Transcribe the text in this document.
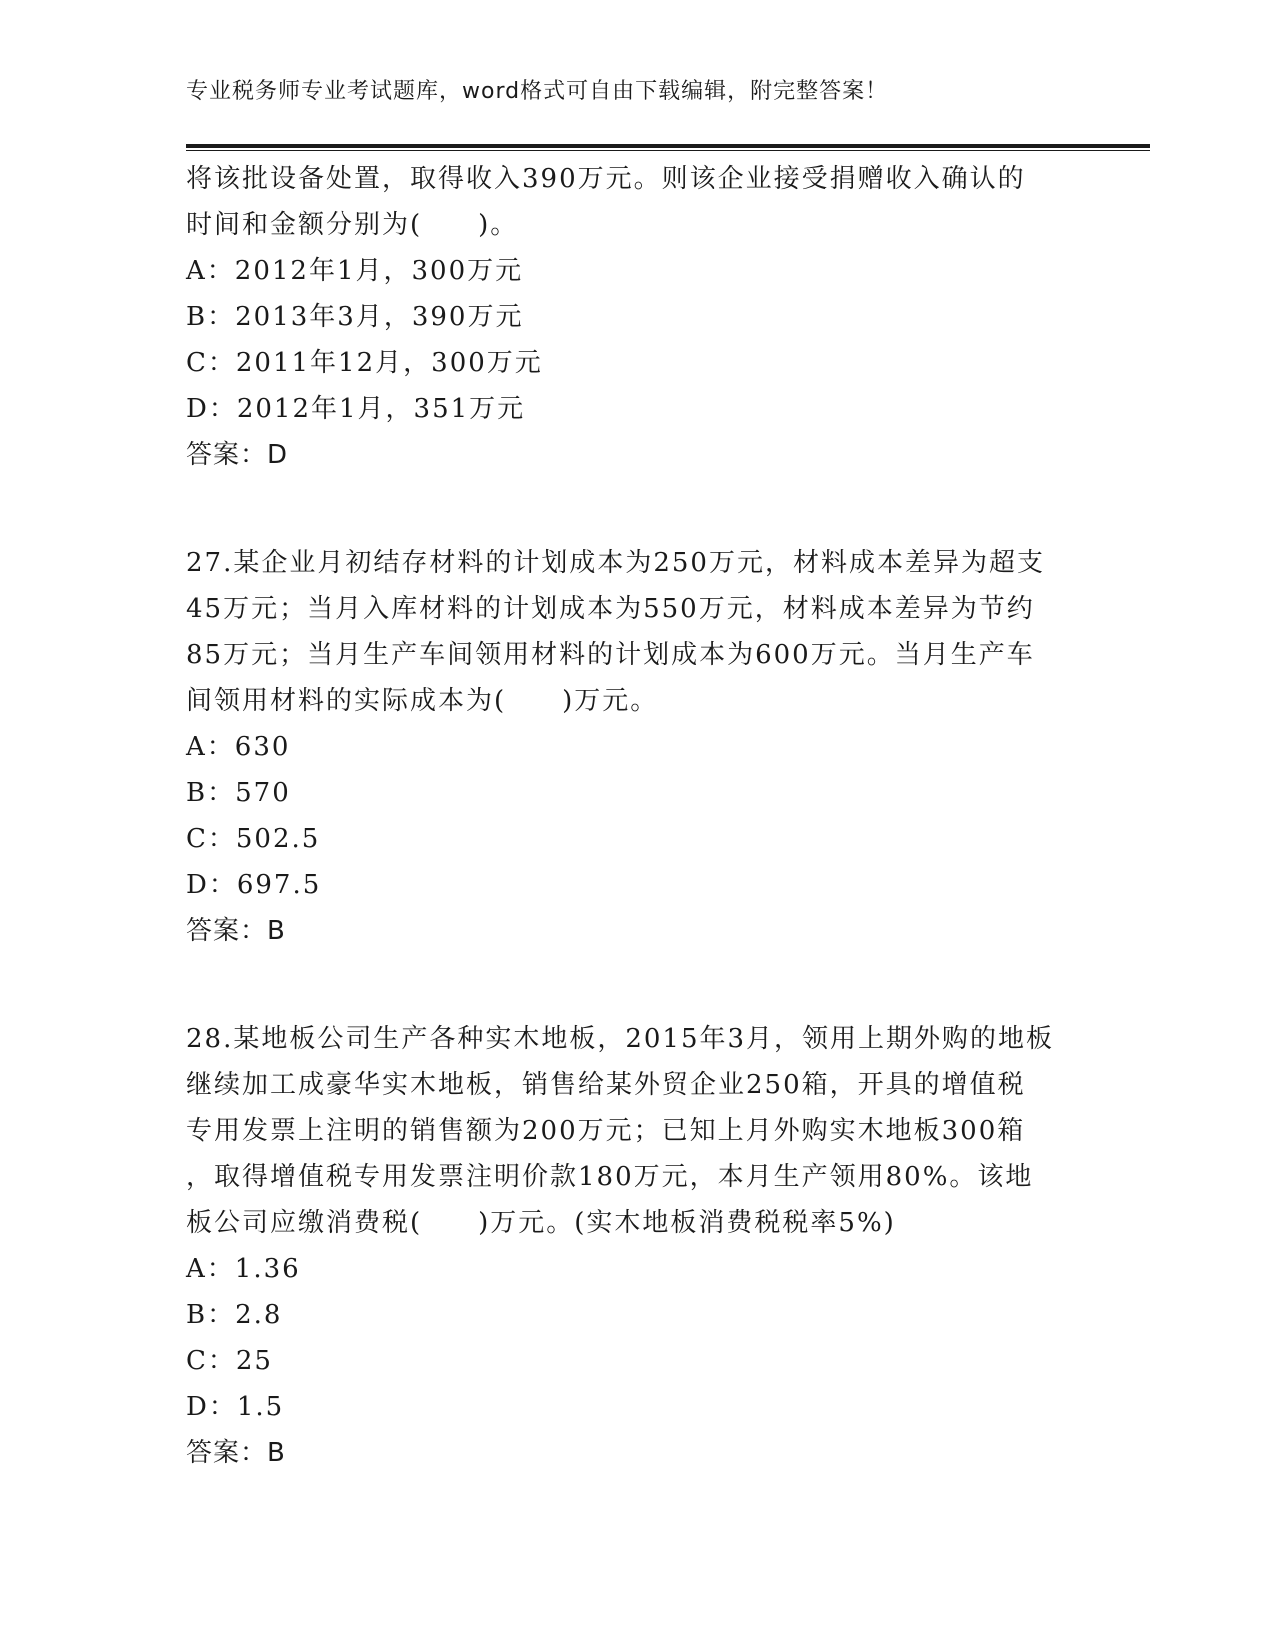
专业税务师专业考试题库，word格式可自由下载编辑，附完整答案！
将该批设备处置，取得收入390万元。则该企业接受捐赠收入确认的
时间和金额分别为(　　)。
A：2012年1月，300万元
B：2013年3月，390万元
C：2011年12月，300万元
D：2012年1月，351万元
答案：D
27.某企业月初结存材料的计划成本为250万元，材料成本差异为超支
45万元；当月入库材料的计划成本为550万元，材料成本差异为节约
85万元；当月生产车间领用材料的计划成本为600万元。当月生产车
间领用材料的实际成本为(　　)万元。
A：630
B：570
C：502.5
D：697.5
答案：B
28.某地板公司生产各种实木地板，2015年3月，领用上期外购的地板
继续加工成豪华实木地板，销售给某外贸企业250箱，开具的增值税
专用发票上注明的销售额为200万元；已知上月外购实木地板300箱
，取得增值税专用发票注明价款180万元，本月生产领用80%。该地
板公司应缴消费税(　　)万元。(实木地板消费税税率5%)
A：1.36
B：2.8
C：25
D：1.5
答案：B
